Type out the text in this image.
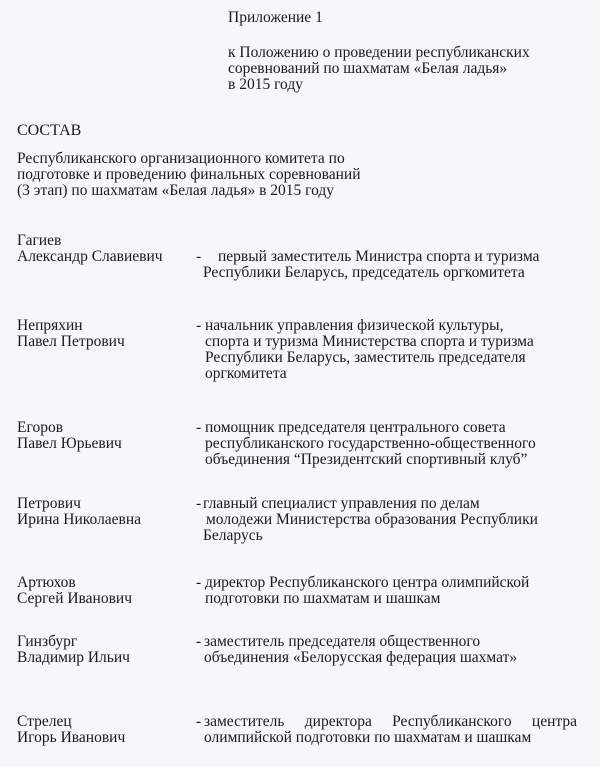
Приложение 1
к Положению о проведении республиканских
соревнований по шахматам «Белая ладья»
в 2015 году
СОСТАВ
Республиканского организационного комитета по
подготовке и проведению финальных соревнований
(3 этап) по шахматам «Белая ладья» в 2015 году
Гагиев
Александр Славиевич - первый заместитель Министра спорта и туризма
Республики Беларусь, председатель оргкомитета
Непряхин
Павел Петрович
- начальник управления физической культуры,
спорта и туризма Министерства спорта и туризма
Республики Беларусь, заместитель председателя
оргкомитета
Егоров
Павел Юрьевич
- помощник председателя центрального совета
республиканского государственно-общественного
объединения “Президентский спортивный клуб”
Петрович
Ирина Николаевна
- главный специалист управления по делам
молодежи Министерства образования Республики
Беларусь
Артюхов
Сергей Иванович
- директор Республиканского центра олимпийской
подготовки по шахматам и шашкам
Гинзбург
Владимир Ильич
- заместитель председателя общественного
объединения «Белорусская федерация шахмат»
Стрелец
Игорь Иванович
- заместитель директора Республиканского центра
олимпийской подготовки по шахматам и шашкам
